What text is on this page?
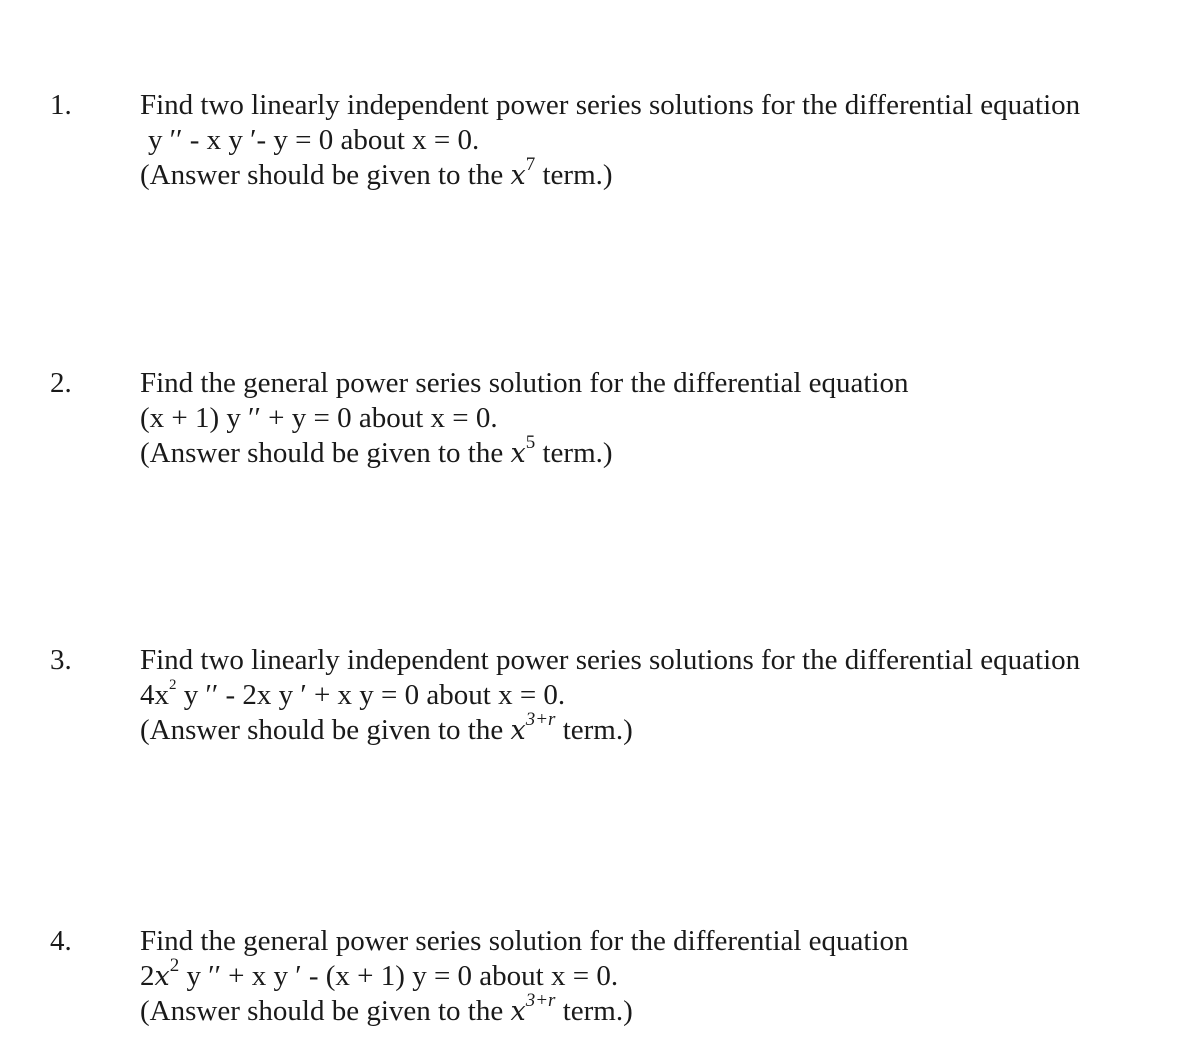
1. Find two linearly independent power series solutions for the differential equation
y ′′ - x y ′- y = 0 about x = 0.
(Answer should be given to the $x^7$ term.)
2. Find the general power series solution for the differential equation
(x + 1) y ′′ + y = 0 about x = 0.
(Answer should be given to the $x^5$ term.)
3. Find two linearly independent power series solutions for the differential equation
$4x^2$ y ′′ - 2x y ′ + x y = 0 about x = 0.
(Answer should be given to the $x^{3+r}$ term.)
4. Find the general power series solution for the differential equation
$2x^2$ y ′′ + x y ′ - (x + 1) y = 0 about x = 0.
(Answer should be given to the $x^{3+r}$ term.)
